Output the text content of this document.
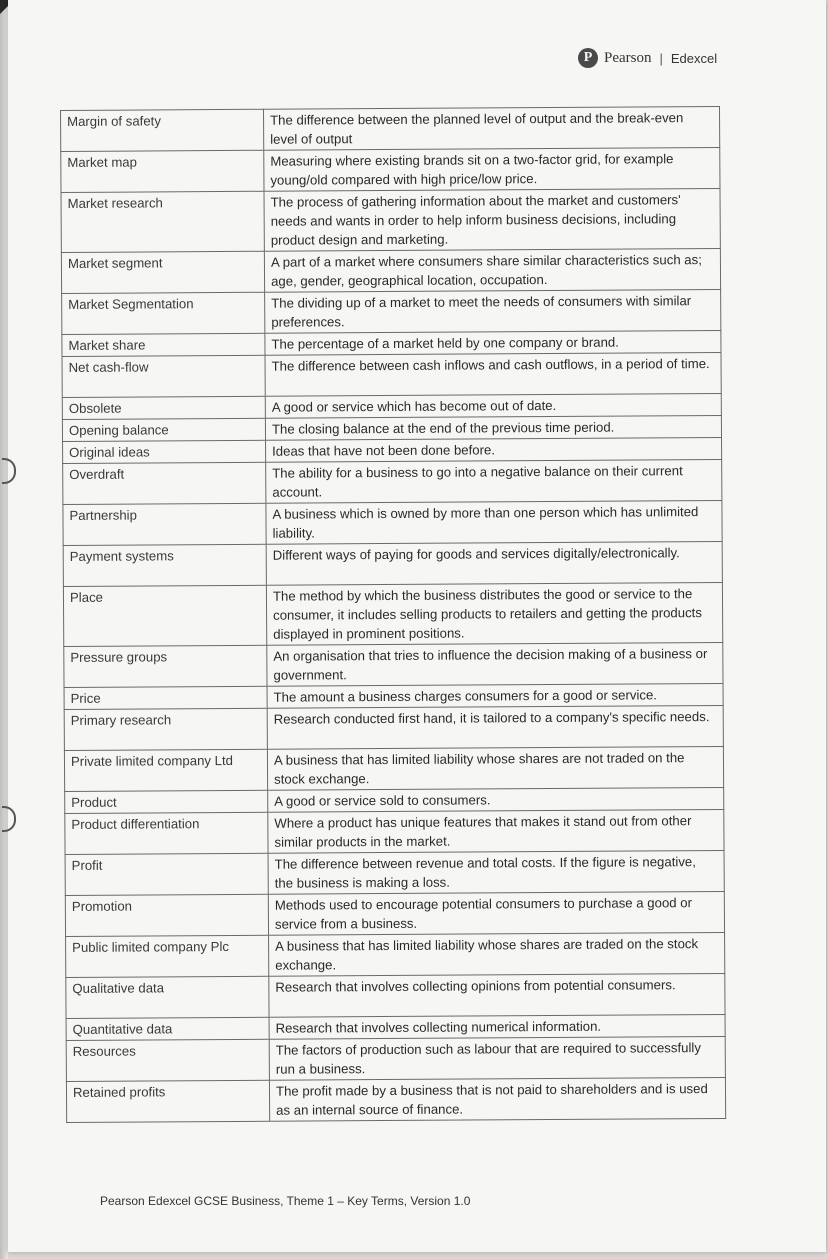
P Pearson | Edexcel
Margin of safety	The difference between the planned level of output and the break-even level of output
Market map	Measuring where existing brands sit on a two-factor grid, for example young/old compared with high price/low price.
Market research	The process of gathering information about the market and customers' needs and wants in order to help inform business decisions, including product design and marketing.
Market segment	A part of a market where consumers share similar characteristics such as; age, gender, geographical location, occupation.
Market Segmentation	The dividing up of a market to meet the needs of consumers with similar preferences.
Market share	The percentage of a market held by one company or brand.
Net cash-flow	The difference between cash inflows and cash outflows, in a period of time.
Obsolete	A good or service which has become out of date.
Opening balance	The closing balance at the end of the previous time period.
Original ideas	Ideas that have not been done before.
Overdraft	The ability for a business to go into a negative balance on their current account.
Partnership	A business which is owned by more than one person which has unlimited liability.
Payment systems	Different ways of paying for goods and services digitally/electronically.
Place	The method by which the business distributes the good or service to the consumer, it includes selling products to retailers and getting the products displayed in prominent positions.
Pressure groups	An organisation that tries to influence the decision making of a business or government.
Price	The amount a business charges consumers for a good or service.
Primary research	Research conducted first hand, it is tailored to a company's specific needs.
Private limited company Ltd	A business that has limited liability whose shares are not traded on the stock exchange.
Product	A good or service sold to consumers.
Product differentiation	Where a product has unique features that makes it stand out from other similar products in the market.
Profit	The difference between revenue and total costs. If the figure is negative, the business is making a loss.
Promotion	Methods used to encourage potential consumers to purchase a good or service from a business.
Public limited company Plc	A business that has limited liability whose shares are traded on the stock exchange.
Qualitative data	Research that involves collecting opinions from potential consumers.
Quantitative data	Research that involves collecting numerical information.
Resources	The factors of production such as labour that are required to successfully run a business.
Retained profits	The profit made by a business that is not paid to shareholders and is used as an internal source of finance.
Pearson Edexcel GCSE Business, Theme 1 – Key Terms, Version 1.0
